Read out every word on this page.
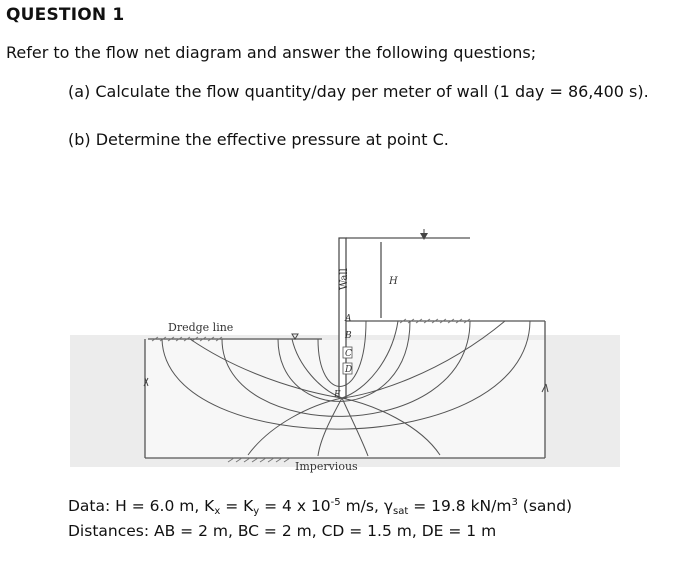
QUESTION 1
Refer to the flow net diagram and answer the following questions;
(a) Calculate the flow quantity/day per meter of wall (1 day = 86,400 s).
(b) Determine the effective pressure at point C.
Wall
Dredge line
Impervious
H
A
B
C
D
E
Data: H = 6.0 m, $K_x = K_y = 4$ x $10^{-5}$ m/s, $\gamma_{sat} = 19.8$ $kN/m^3$ (sand)
Distances: AB = 2 m, BC = 2 m, CD = 1.5 m, DE = 1 m
